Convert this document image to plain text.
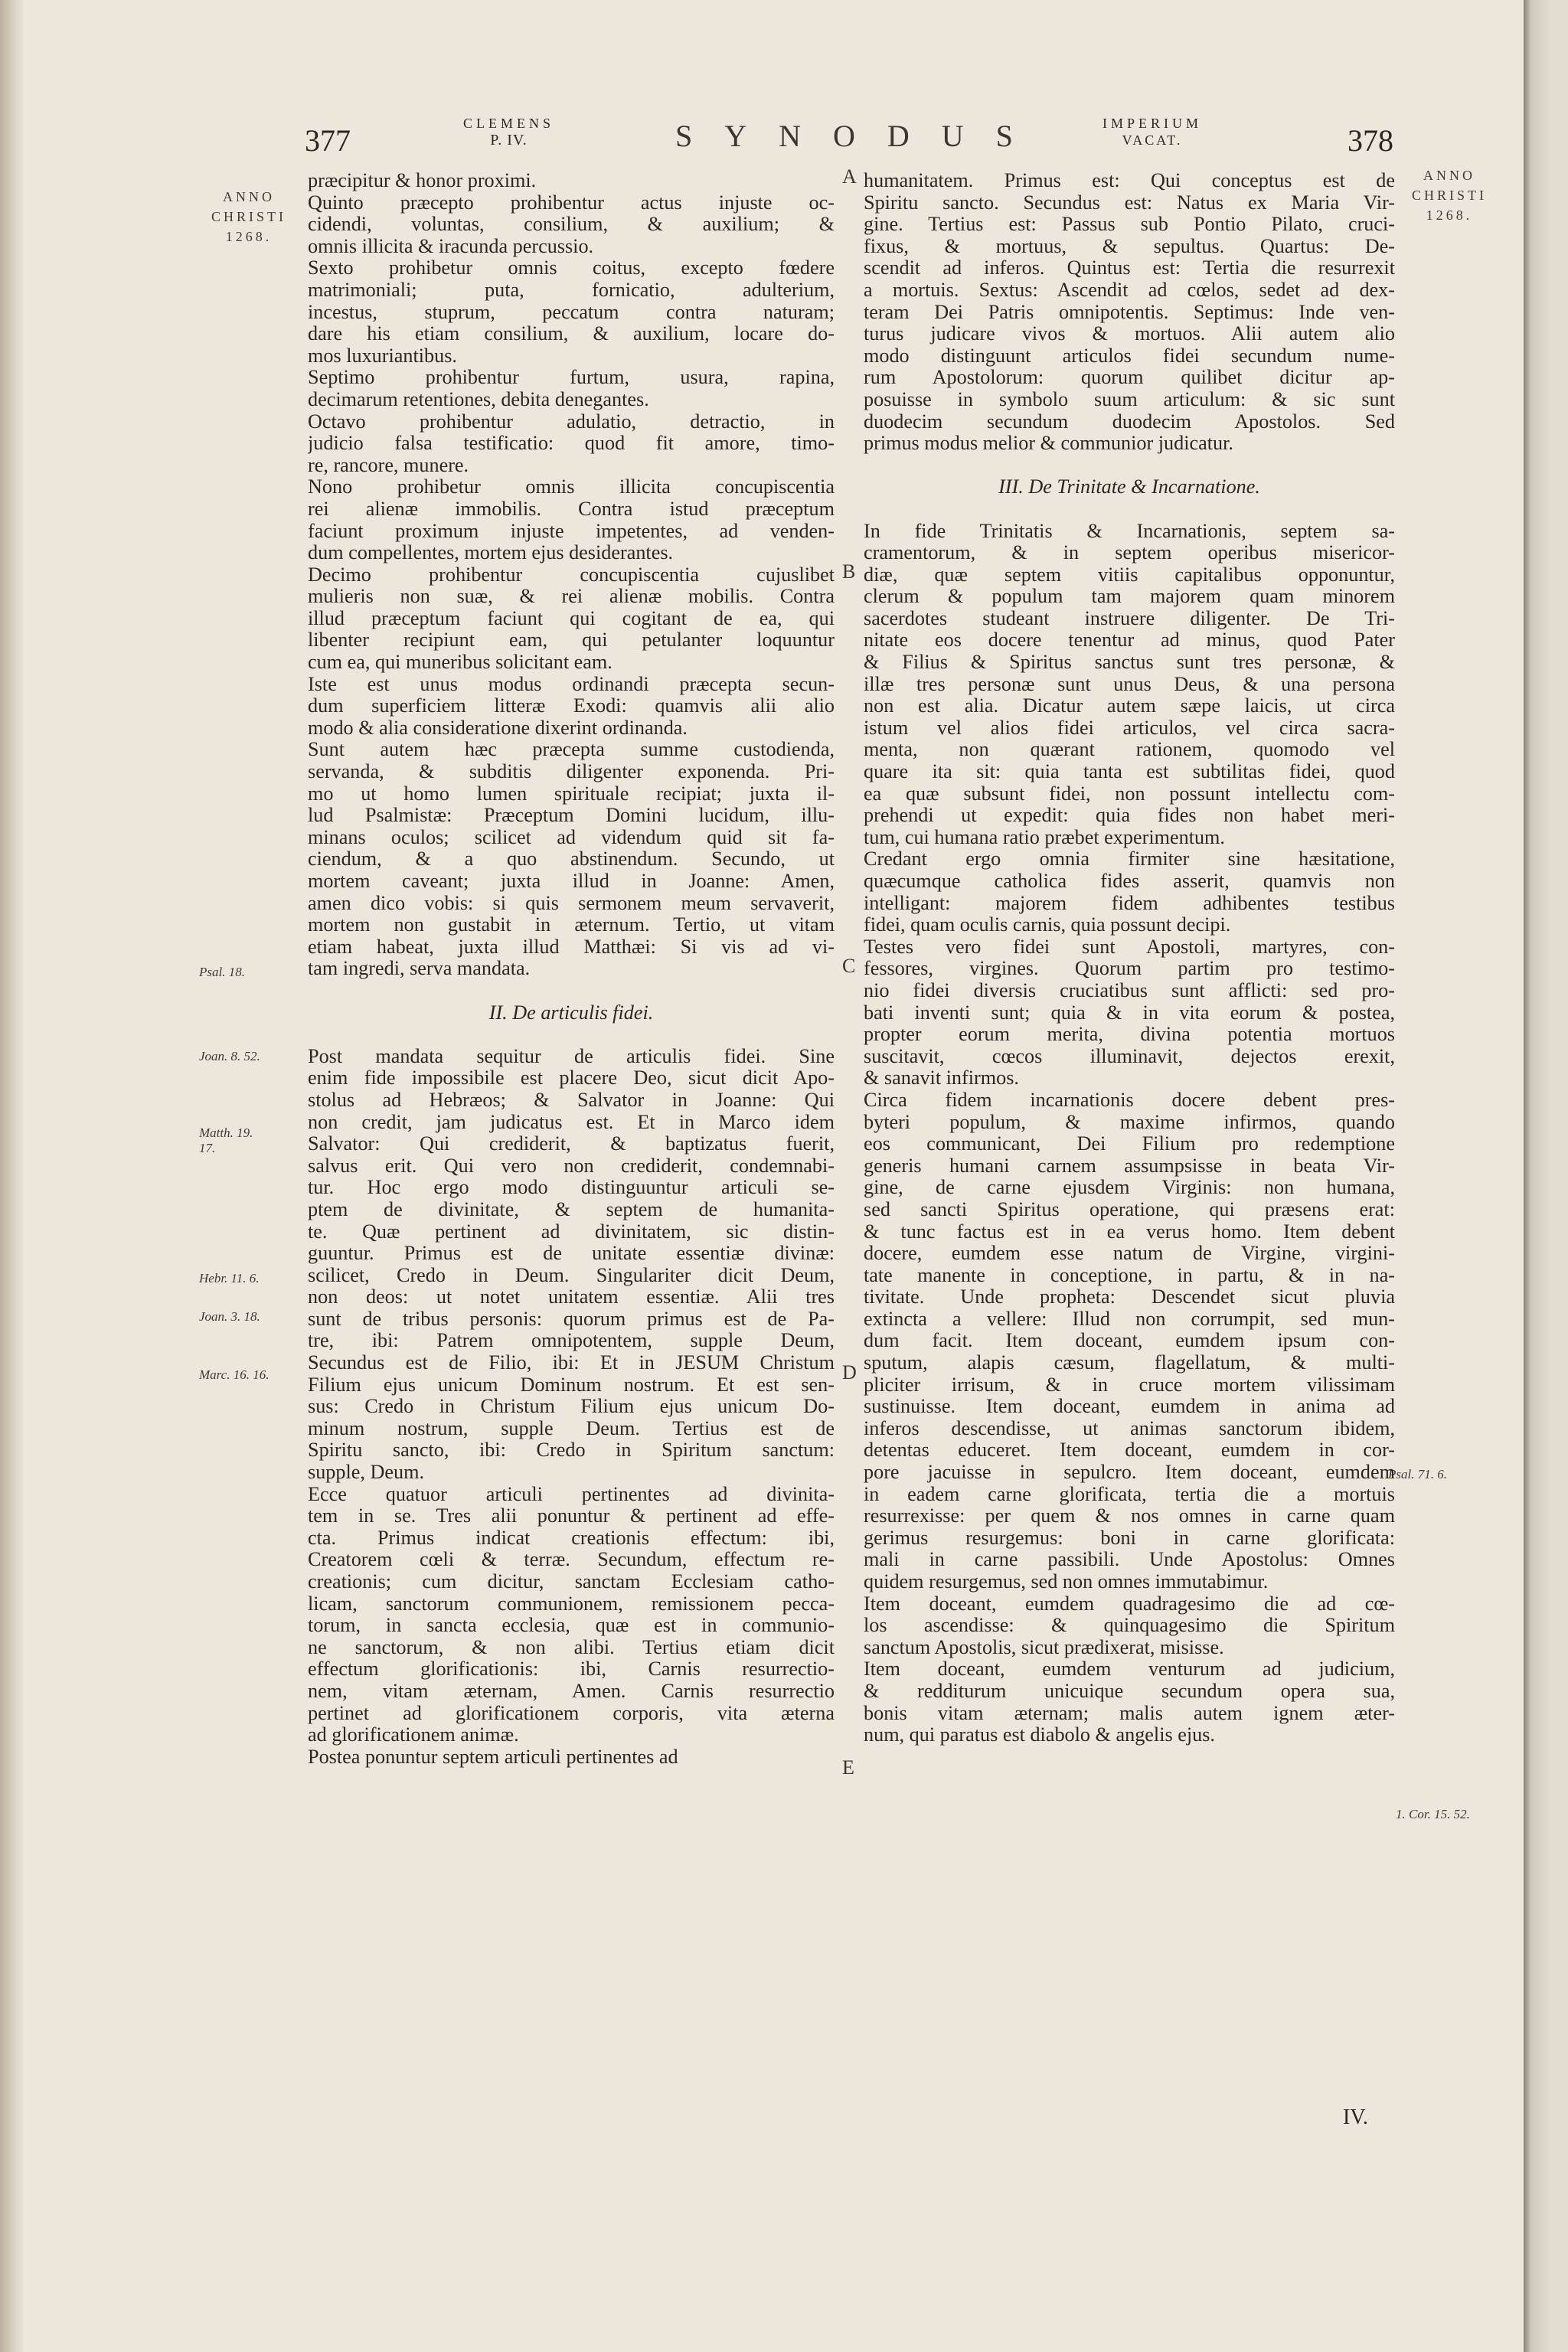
377	CLEMENS
P. IV.	SYNODUS	IMPERIUM
VACAT.	378
ANNO
CHRISTI
1268.
ANNO
CHRISTI
1268.
Psal. 18.
Joan. 8. 52.
Matth. 19.
17.
Hebr. 11. 6.
Joan. 3. 18.
Marc. 16. 16.
Psal. 71. 6.
1. Cor. 15. 52.
A
B
C
D
E
præcipitur & honor proximi.
Quinto præcepto prohibentur actus injuste oc-
cidendi, voluntas, consilium, & auxilium; &
omnis illicita & iracunda percussio.
Sexto prohibetur omnis coitus, excepto fœdere
matrimoniali; puta, fornicatio, adulterium,
incestus, stuprum, peccatum contra naturam;
dare his etiam consilium, & auxilium, locare do-
mos luxuriantibus.
Septimo prohibentur furtum, usura, rapina,
decimarum retentiones, debita denegantes.
Octavo prohibentur adulatio, detractio, in
judicio falsa testificatio: quod fit amore, timo-
re, rancore, munere.
Nono prohibetur omnis illicita concupiscentia
rei alienæ immobilis. Contra istud præceptum
faciunt proximum injuste impetentes, ad venden-
dum compellentes, mortem ejus desiderantes.
Decimo prohibentur concupiscentia cujuslibet
mulieris non suæ, & rei alienæ mobilis. Contra
illud præceptum faciunt qui cogitant de ea, qui
libenter recipiunt eam, qui petulanter loquuntur
cum ea, qui muneribus solicitant eam.
Iste est unus modus ordinandi præcepta secun-
dum superficiem litteræ Exodi: quamvis alii alio
modo & alia consideratione dixerint ordinanda.
Sunt autem hæc præcepta summe custodienda,
servanda, & subditis diligenter exponenda. Pri-
mo ut homo lumen spirituale recipiat; juxta il-
lud Psalmistæ: Præceptum Domini lucidum, illu-
minans oculos; scilicet ad videndum quid sit fa-
ciendum, & a quo abstinendum. Secundo, ut
mortem caveant; juxta illud in Joanne: Amen,
amen dico vobis: si quis sermonem meum servaverit,
mortem non gustabit in æternum. Tertio, ut vitam
etiam habeat, juxta illud Matthæi: Si vis ad vi-
tam ingredi, serva mandata.
II. De articulis fidei.
Post mandata sequitur de articulis fidei. Sine
enim fide impossibile est placere Deo, sicut dicit Apo-
stolus ad Hebræos; & Salvator in Joanne: Qui
non credit, jam judicatus est. Et in Marco idem
Salvator: Qui crediderit, & baptizatus fuerit,
salvus erit. Qui vero non crediderit, condemnabi-
tur. Hoc ergo modo distinguuntur articuli se-
ptem de divinitate, & septem de humanita-
te. Quæ pertinent ad divinitatem, sic distin-
guuntur. Primus est de unitate essentiæ divinæ:
scilicet, Credo in Deum. Singulariter dicit Deum,
non deos: ut notet unitatem essentiæ. Alii tres
sunt de tribus personis: quorum primus est de Pa-
tre, ibi: Patrem omnipotentem, supple Deum,
Secundus est de Filio, ibi: Et in JESUM Christum
Filium ejus unicum Dominum nostrum. Et est sen-
sus: Credo in Christum Filium ejus unicum Do-
minum nostrum, supple Deum. Tertius est de
Spiritu sancto, ibi: Credo in Spiritum sanctum:
supple, Deum.
Ecce quatuor articuli pertinentes ad divinita-
tem in se. Tres alii ponuntur & pertinent ad effe-
cta. Primus indicat creationis effectum: ibi,
Creatorem cœli & terræ. Secundum, effectum re-
creationis; cum dicitur, sanctam Ecclesiam catho-
licam, sanctorum communionem, remissionem pecca-
torum, in sancta ecclesia, quæ est in communio-
ne sanctorum, & non alibi. Tertius etiam dicit
effectum glorificationis: ibi, Carnis resurrectio-
nem, vitam æternam, Amen. Carnis resurrectio
pertinet ad glorificationem corporis, vita æterna
ad glorificationem animæ.
Postea ponuntur septem articuli pertinentes ad
humanitatem. Primus est: Qui conceptus est de
Spiritu sancto. Secundus est: Natus ex Maria Vir-
gine. Tertius est: Passus sub Pontio Pilato, cruci-
fixus, & mortuus, & sepultus. Quartus: De-
scendit ad inferos. Quintus est: Tertia die resurrexit
a mortuis. Sextus: Ascendit ad cœlos, sedet ad dex-
teram Dei Patris omnipotentis. Septimus: Inde ven-
turus judicare vivos & mortuos. Alii autem alio
modo distinguunt articulos fidei secundum nume-
rum Apostolorum: quorum quilibet dicitur ap-
posuisse in symbolo suum articulum: & sic sunt
duodecim secundum duodecim Apostolos. Sed
primus modus melior & communior judicatur.
III. De Trinitate & Incarnatione.
In fide Trinitatis & Incarnationis, septem sa-
cramentorum, & in septem operibus misericor-
diæ, quæ septem vitiis capitalibus opponuntur,
clerum & populum tam majorem quam minorem
sacerdotes studeant instruere diligenter. De Tri-
nitate eos docere tenentur ad minus, quod Pater
& Filius & Spiritus sanctus sunt tres personæ, &
illæ tres personæ sunt unus Deus, & una persona
non est alia. Dicatur autem sæpe laicis, ut circa
istum vel alios fidei articulos, vel circa sacra-
menta, non quærant rationem, quomodo vel
quare ita sit: quia tanta est subtilitas fidei, quod
ea quæ subsunt fidei, non possunt intellectu com-
prehendi ut expedit: quia fides non habet meri-
tum, cui humana ratio præbet experimentum.
Credant ergo omnia firmiter sine hæsitatione,
quæcumque catholica fides asserit, quamvis non
intelligant: majorem fidem adhibentes testibus
fidei, quam oculis carnis, quia possunt decipi.
Testes vero fidei sunt Apostoli, martyres, con-
fessores, virgines. Quorum partim pro testimo-
nio fidei diversis cruciatibus sunt afflicti: sed pro-
bati inventi sunt; quia & in vita eorum & postea,
propter eorum merita, divina potentia mortuos
suscitavit, cœcos illuminavit, dejectos erexit,
& sanavit infirmos.
Circa fidem incarnationis docere debent pres-
byteri populum, & maxime infirmos, quando
eos communicant, Dei Filium pro redemptione
generis humani carnem assumpsisse in beata Vir-
gine, de carne ejusdem Virginis: non humana,
sed sancti Spiritus operatione, qui præsens erat:
& tunc factus est in ea verus homo. Item debent
docere, eumdem esse natum de Virgine, virgini-
tate manente in conceptione, in partu, & in na-
tivitate. Unde propheta: Descendet sicut pluvia
extincta a vellere: Illud non corrumpit, sed mun-
dum facit. Item doceant, eumdem ipsum con-
sputum, alapis cæsum, flagellatum, & multi-
pliciter irrisum, & in cruce mortem vilissimam
sustinuisse. Item doceant, eumdem in anima ad
inferos descendisse, ut animas sanctorum ibidem,
detentas educeret. Item doceant, eumdem in cor-
pore jacuisse in sepulcro. Item doceant, eumdem
in eadem carne glorificata, tertia die a mortuis
resurrexisse: per quem & nos omnes in carne quam
gerimus resurgemus: boni in carne glorificata:
mali in carne passibili. Unde Apostolus: Omnes
quidem resurgemus, sed non omnes immutabimur.
Item doceant, eumdem quadragesimo die ad cœ-
los ascendisse: & quinquagesimo die Spiritum
sanctum Apostolis, sicut prædixerat, misisse.
Item doceant, eumdem venturum ad judicium,
& redditurum unicuique secundum opera sua,
bonis vitam æternam; malis autem ignem æter-
num, qui paratus est diabolo & angelis ejus.
IV.
